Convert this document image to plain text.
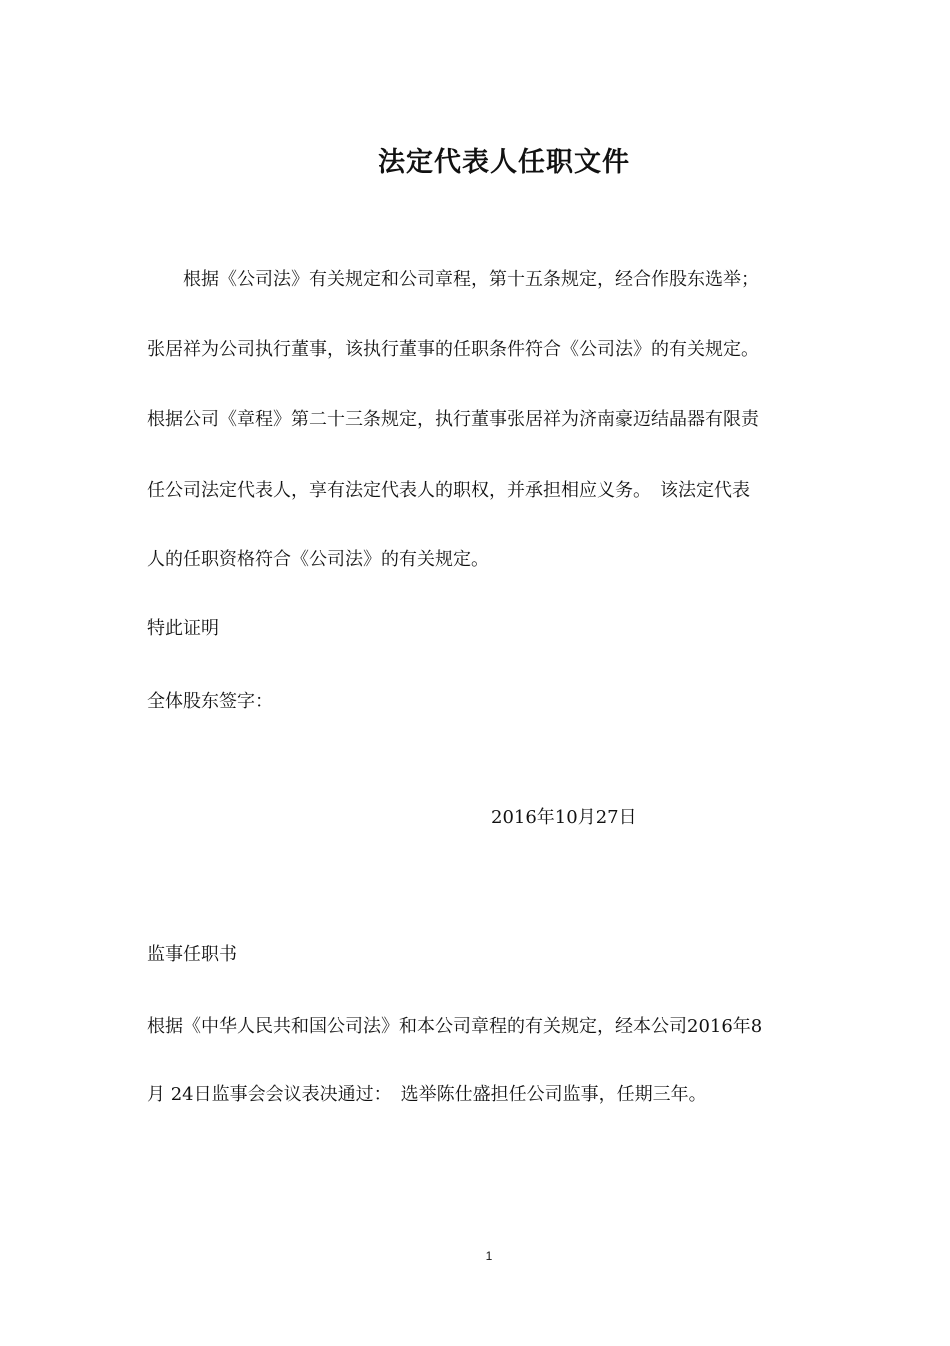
法定代表人任职文件
根据《公司法》有关规定和公司章程，第十五条规定，经合作股东选举；
张居祥为公司执行董事，该执行董事的任职条件符合《公司法》的有关规定。
根据公司《章程》第二十三条规定，执行董事张居祥为济南豪迈结晶器有限责
任公司法定代表人，享有法定代表人的职权，并承担相应义务。　该法定代表
人的任职资格符合《公司法》的有关规定。
特此证明
全体股东签字：
2016年10月27日
监事任职书
根据《中华人民共和国公司法》和本公司章程的有关规定，经本公司2016年8
月 24日监事会会议表决通过：　选举陈仕盛担任公司监事，任期三年。
1
